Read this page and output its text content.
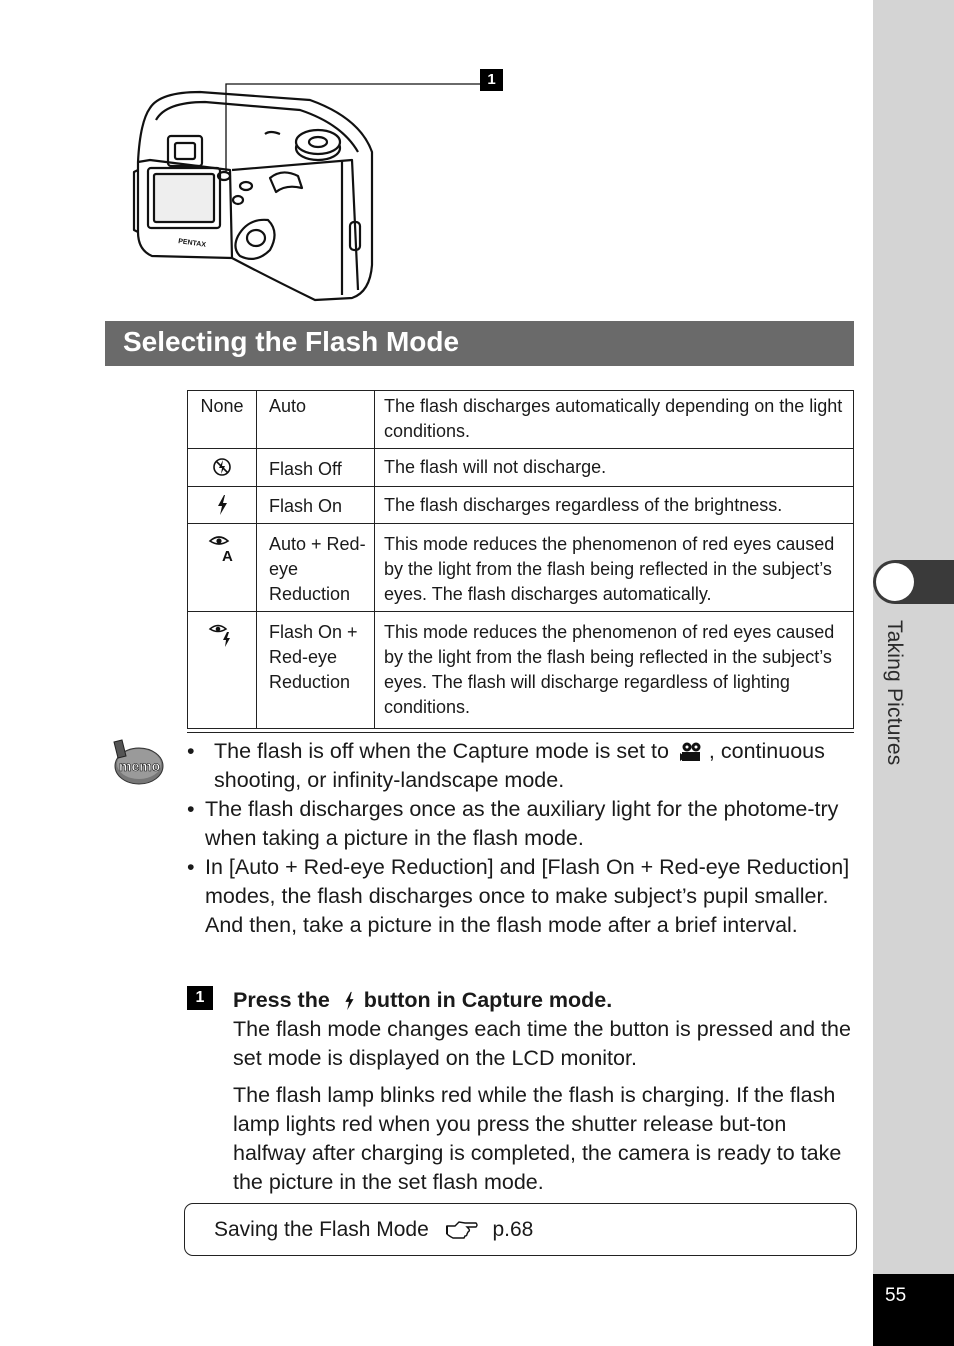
Taking Pictures
55
PENTAX
1
Selecting the Flash Mode
None	Auto	The flash discharges automatically depending on the light conditions.
	Flash Off	The flash will not discharge.
	Flash On	The flash discharges regardless of the brightness.

A	Auto + Red-eye Reduction	This mode reduces the phenomenon of red eyes caused by the light from the flash being reflected in the subject’s eyes. The flash discharges automatically.
	Flash On + Red-eye Reduction	This mode reduces the phenomenon of red eyes caused by the light from the flash being reflected in the subject’s eyes. The flash will discharge regardless of lighting conditions.
memo
• The flash is off when the Capture mode is set to , continuous shooting, or infinity-landscape mode.
• The flash discharges once as the auxiliary light for the photome-try when taking a picture in the flash mode.
• In [Auto + Red-eye Reduction] and [Flash On + Red-eye Reduction] modes, the flash discharges once to make subject’s pupil smaller. And then, take a picture in the flash mode after a brief interval.
1	Press the button in Capture mode.
The flash mode changes each time the button is pressed and the set mode is displayed on the LCD monitor.
The flash lamp blinks red while the flash is charging. If the flash lamp lights red when you press the shutter release but-ton halfway after charging is completed, the camera is ready to take the picture in the set flash mode.
Saving the Flash Mode	p.68
